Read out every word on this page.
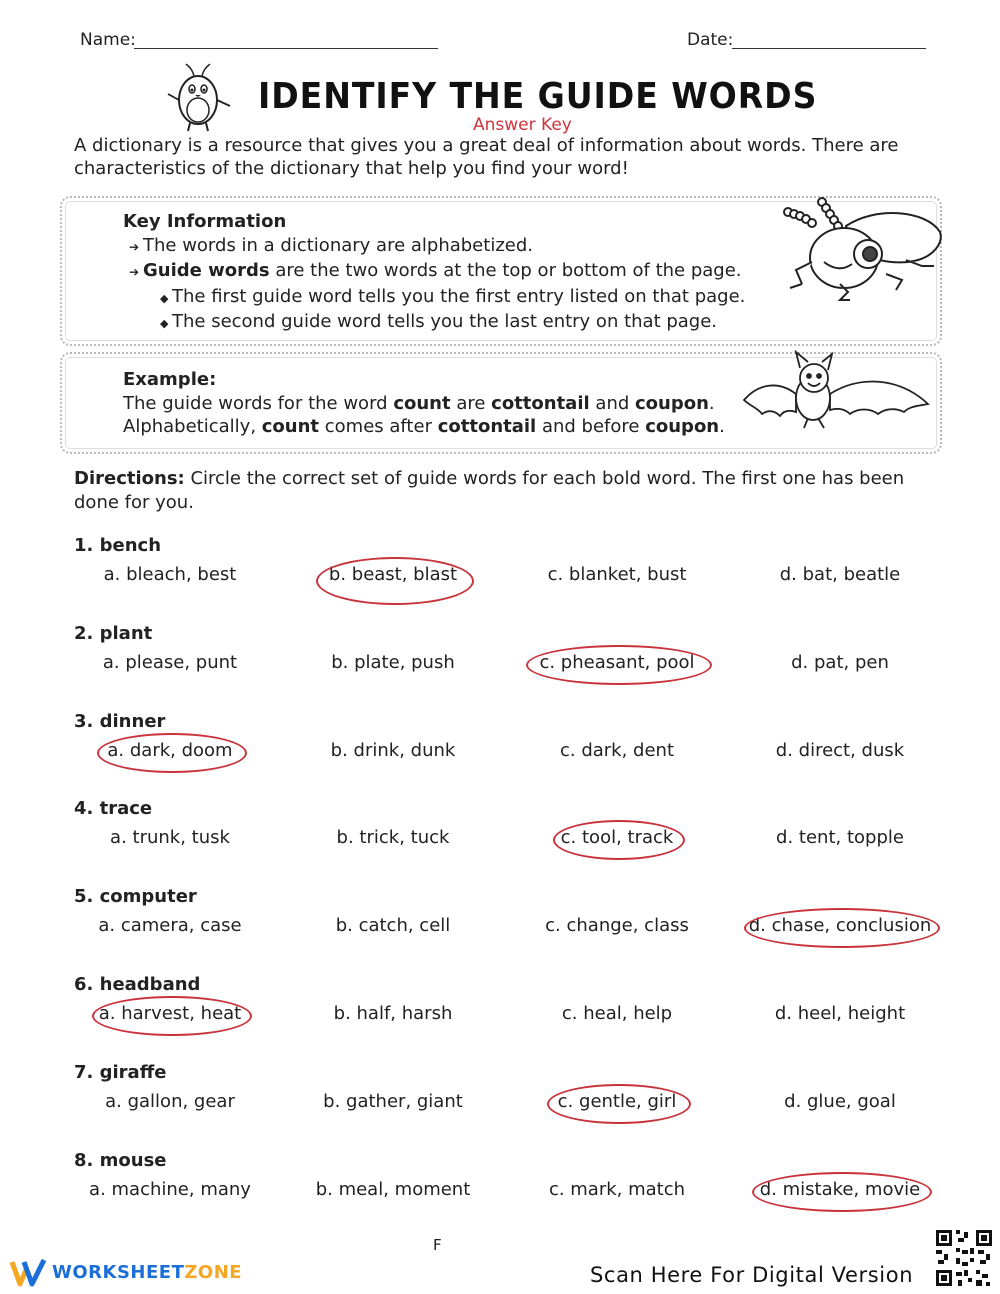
Name:	Date:
IDENTIFY THE GUIDE WORDS
Answer Key
A dictionary is a resource that gives you a great deal of information about words. There are characteristics of the dictionary that help you find your word!
Key Information
➔ The words in a dictionary are alphabetized.
➔ Guide words are the two words at the top or bottom of the page.
◆ The first guide word tells you the first entry listed on that page.
◆ The second guide word tells you the last entry on that page.
Example:
The guide words for the word count are cottontail and coupon.
Alphabetically, count comes after cottontail and before coupon.
Directions: Circle the correct set of guide words for each bold word. The first one has been done for you.
1. bench
a. bleach, best	b. beast, blast	c. blanket, bust	d. bat, beatle
2. plant
a. please, punt	b. plate, push	c. pheasant, pool	d. pat, pen
3. dinner
a. dark, doom	b. drink, dunk	c. dark, dent	d. direct, dusk
4. trace
a. trunk, tusk	b. trick, tuck	c. tool, track	d. tent, topple
5. computer
a. camera, case	b. catch, cell	c. change, class	d. chase, conclusion
6. headband
a. harvest, heat	b. half, harsh	c. heal, help	d. heel, height
7. giraffe
a. gallon, gear	b. gather, giant	c. gentle, girl	d. glue, goal
8. mouse
a. machine, many	b. meal, moment	c. mark, match	d. mistake, movie
F
WORKSHEETZONE	Scan Here For Digital Version
